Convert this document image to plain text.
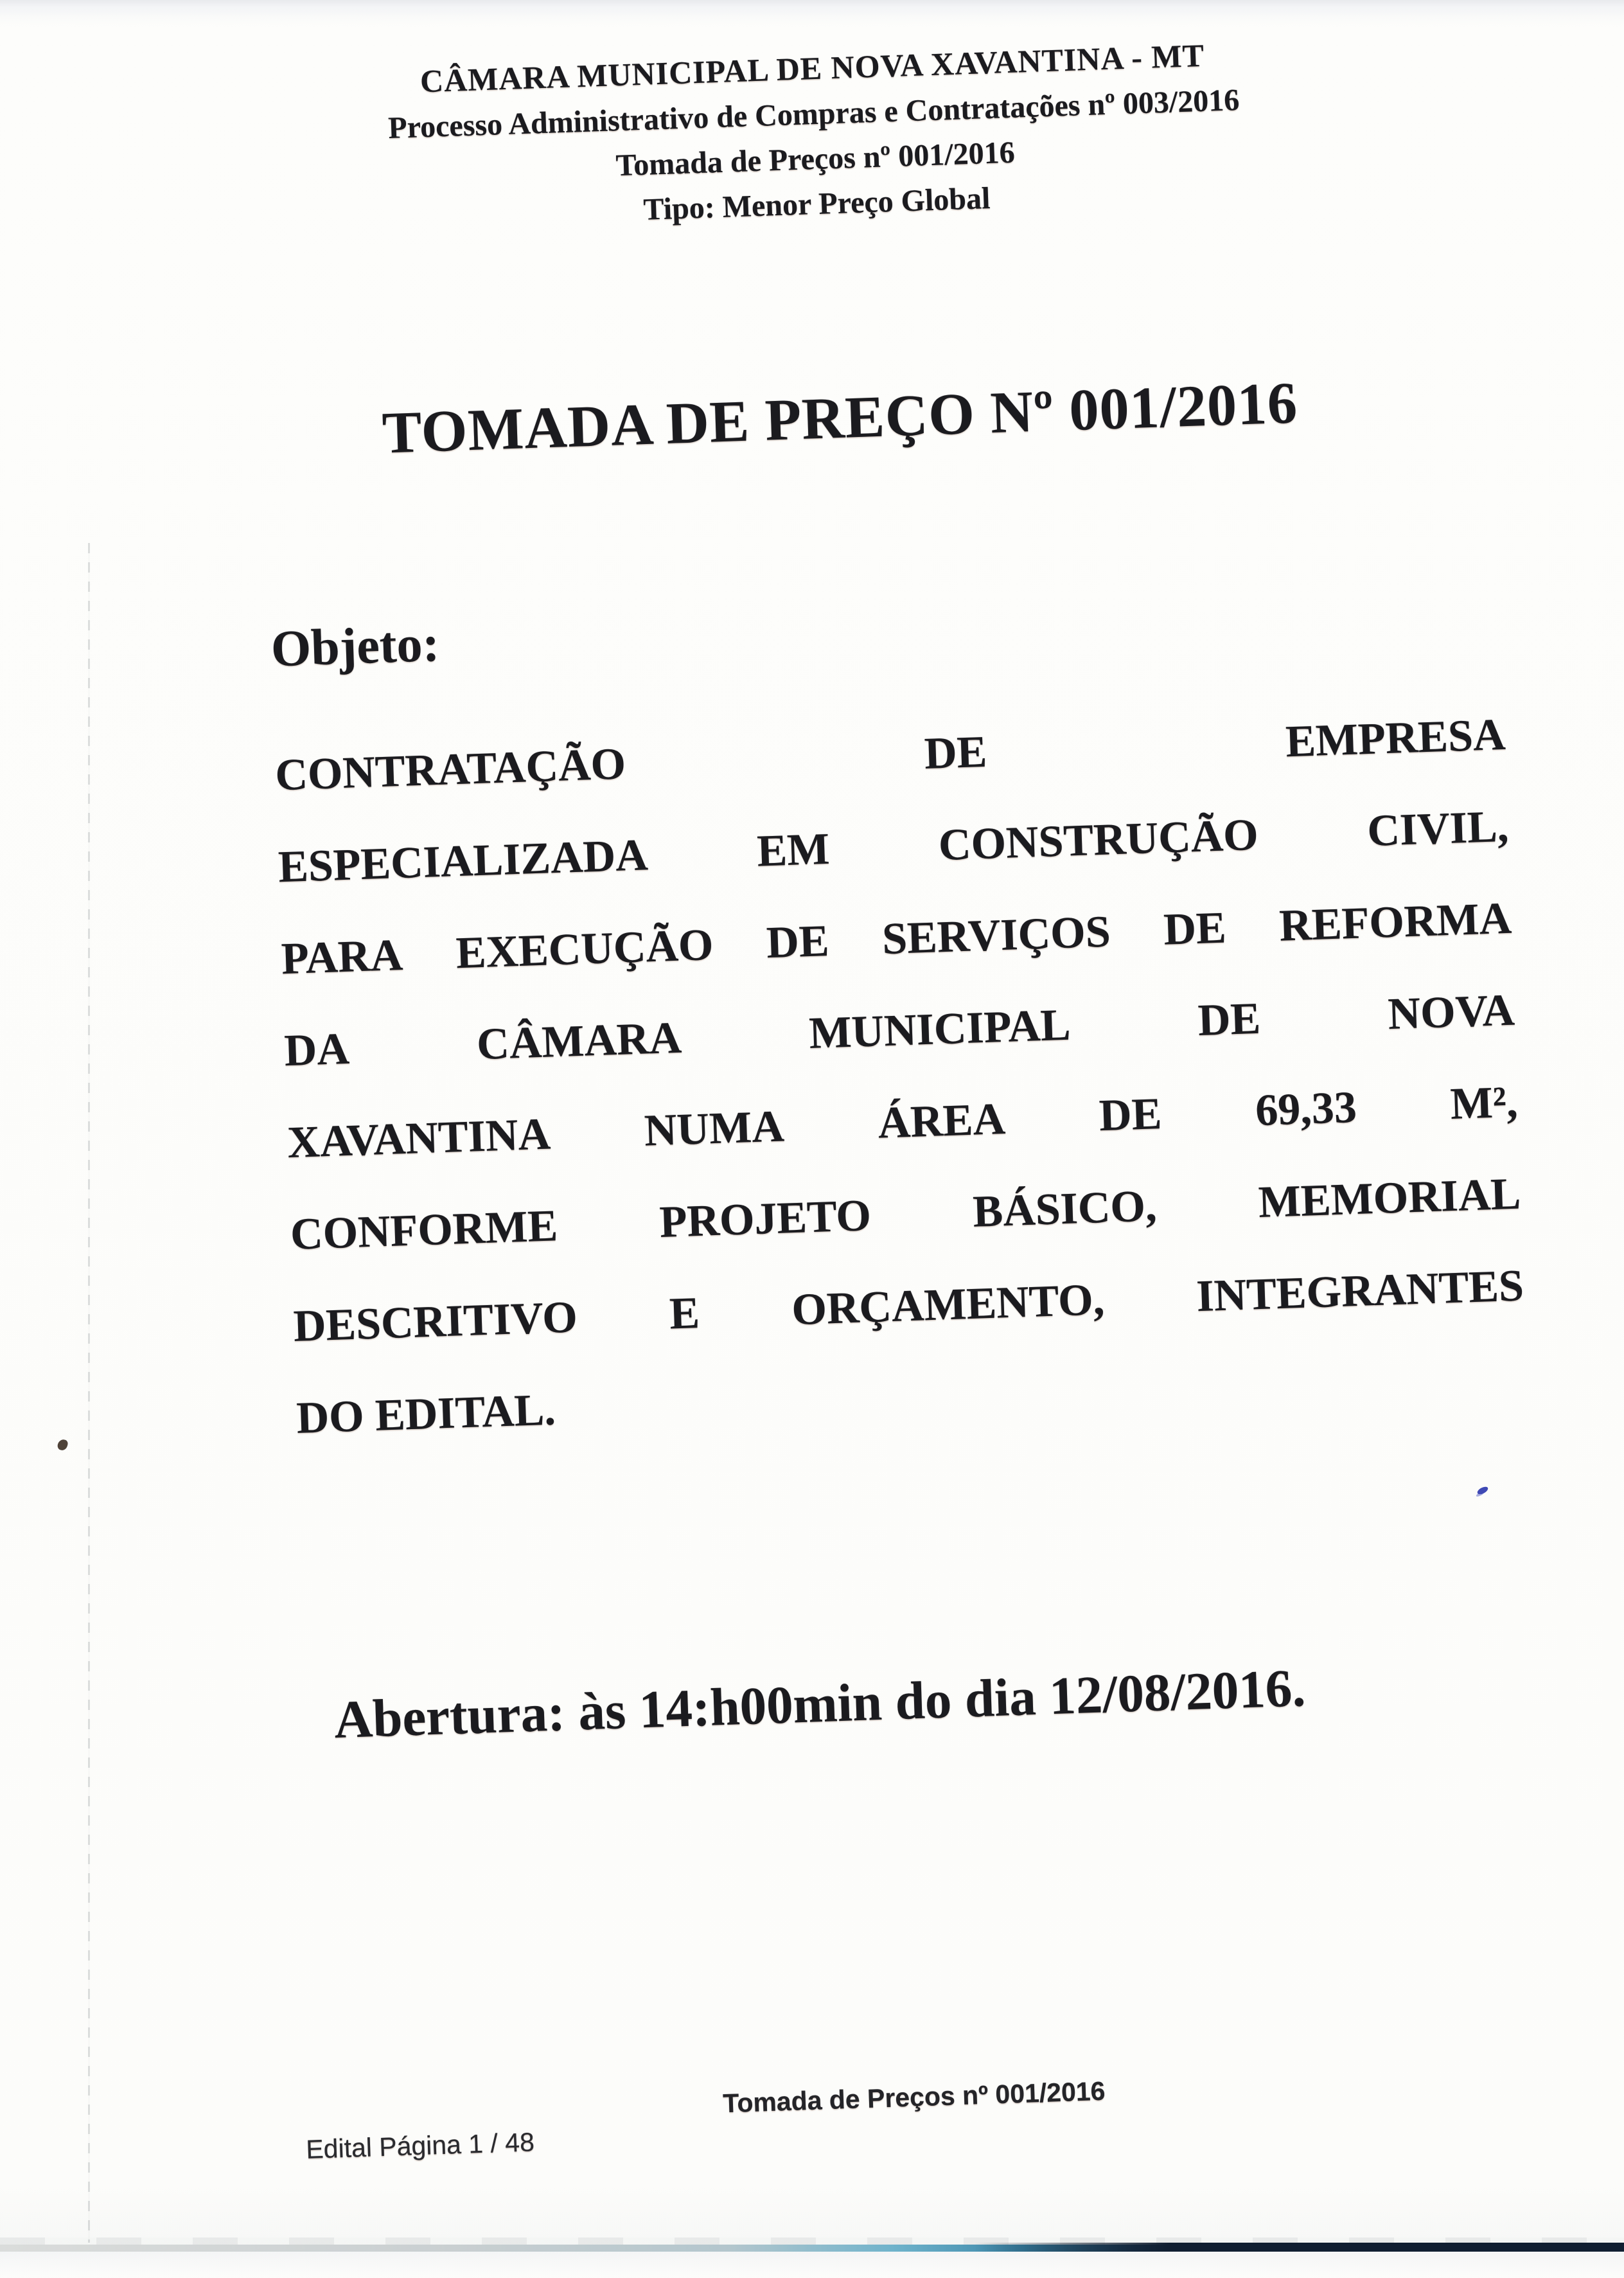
CÂMARA MUNICIPAL DE NOVA XAVANTINA - MT
Processo Administrativo de Compras e Contratações nº 003/2016
Tomada de Preços nº 001/2016
Tipo: Menor Preço Global
TOMADA DE PREÇO Nº 001/2016
Objeto:
CONTRATAÇÃO	DE	EMPRESA
ESPECIALIZADA EM CONSTRUÇÃO CIVIL,
PARA EXECUÇÃO DE SERVIÇOS DE REFORMA
DA	CÂMARA	MUNICIPAL	DE	NOVA
XAVANTINA NUMA ÁREA DE 69,33 M²,
CONFORME PROJETO BÁSICO, MEMORIAL
DESCRITIVO E ORÇAMENTO, INTEGRANTES
DO EDITAL.
Abertura: às 14:h00min do dia 12/08/2016.
Tomada de Preços nº 001/2016
Edital Página 1 / 48
